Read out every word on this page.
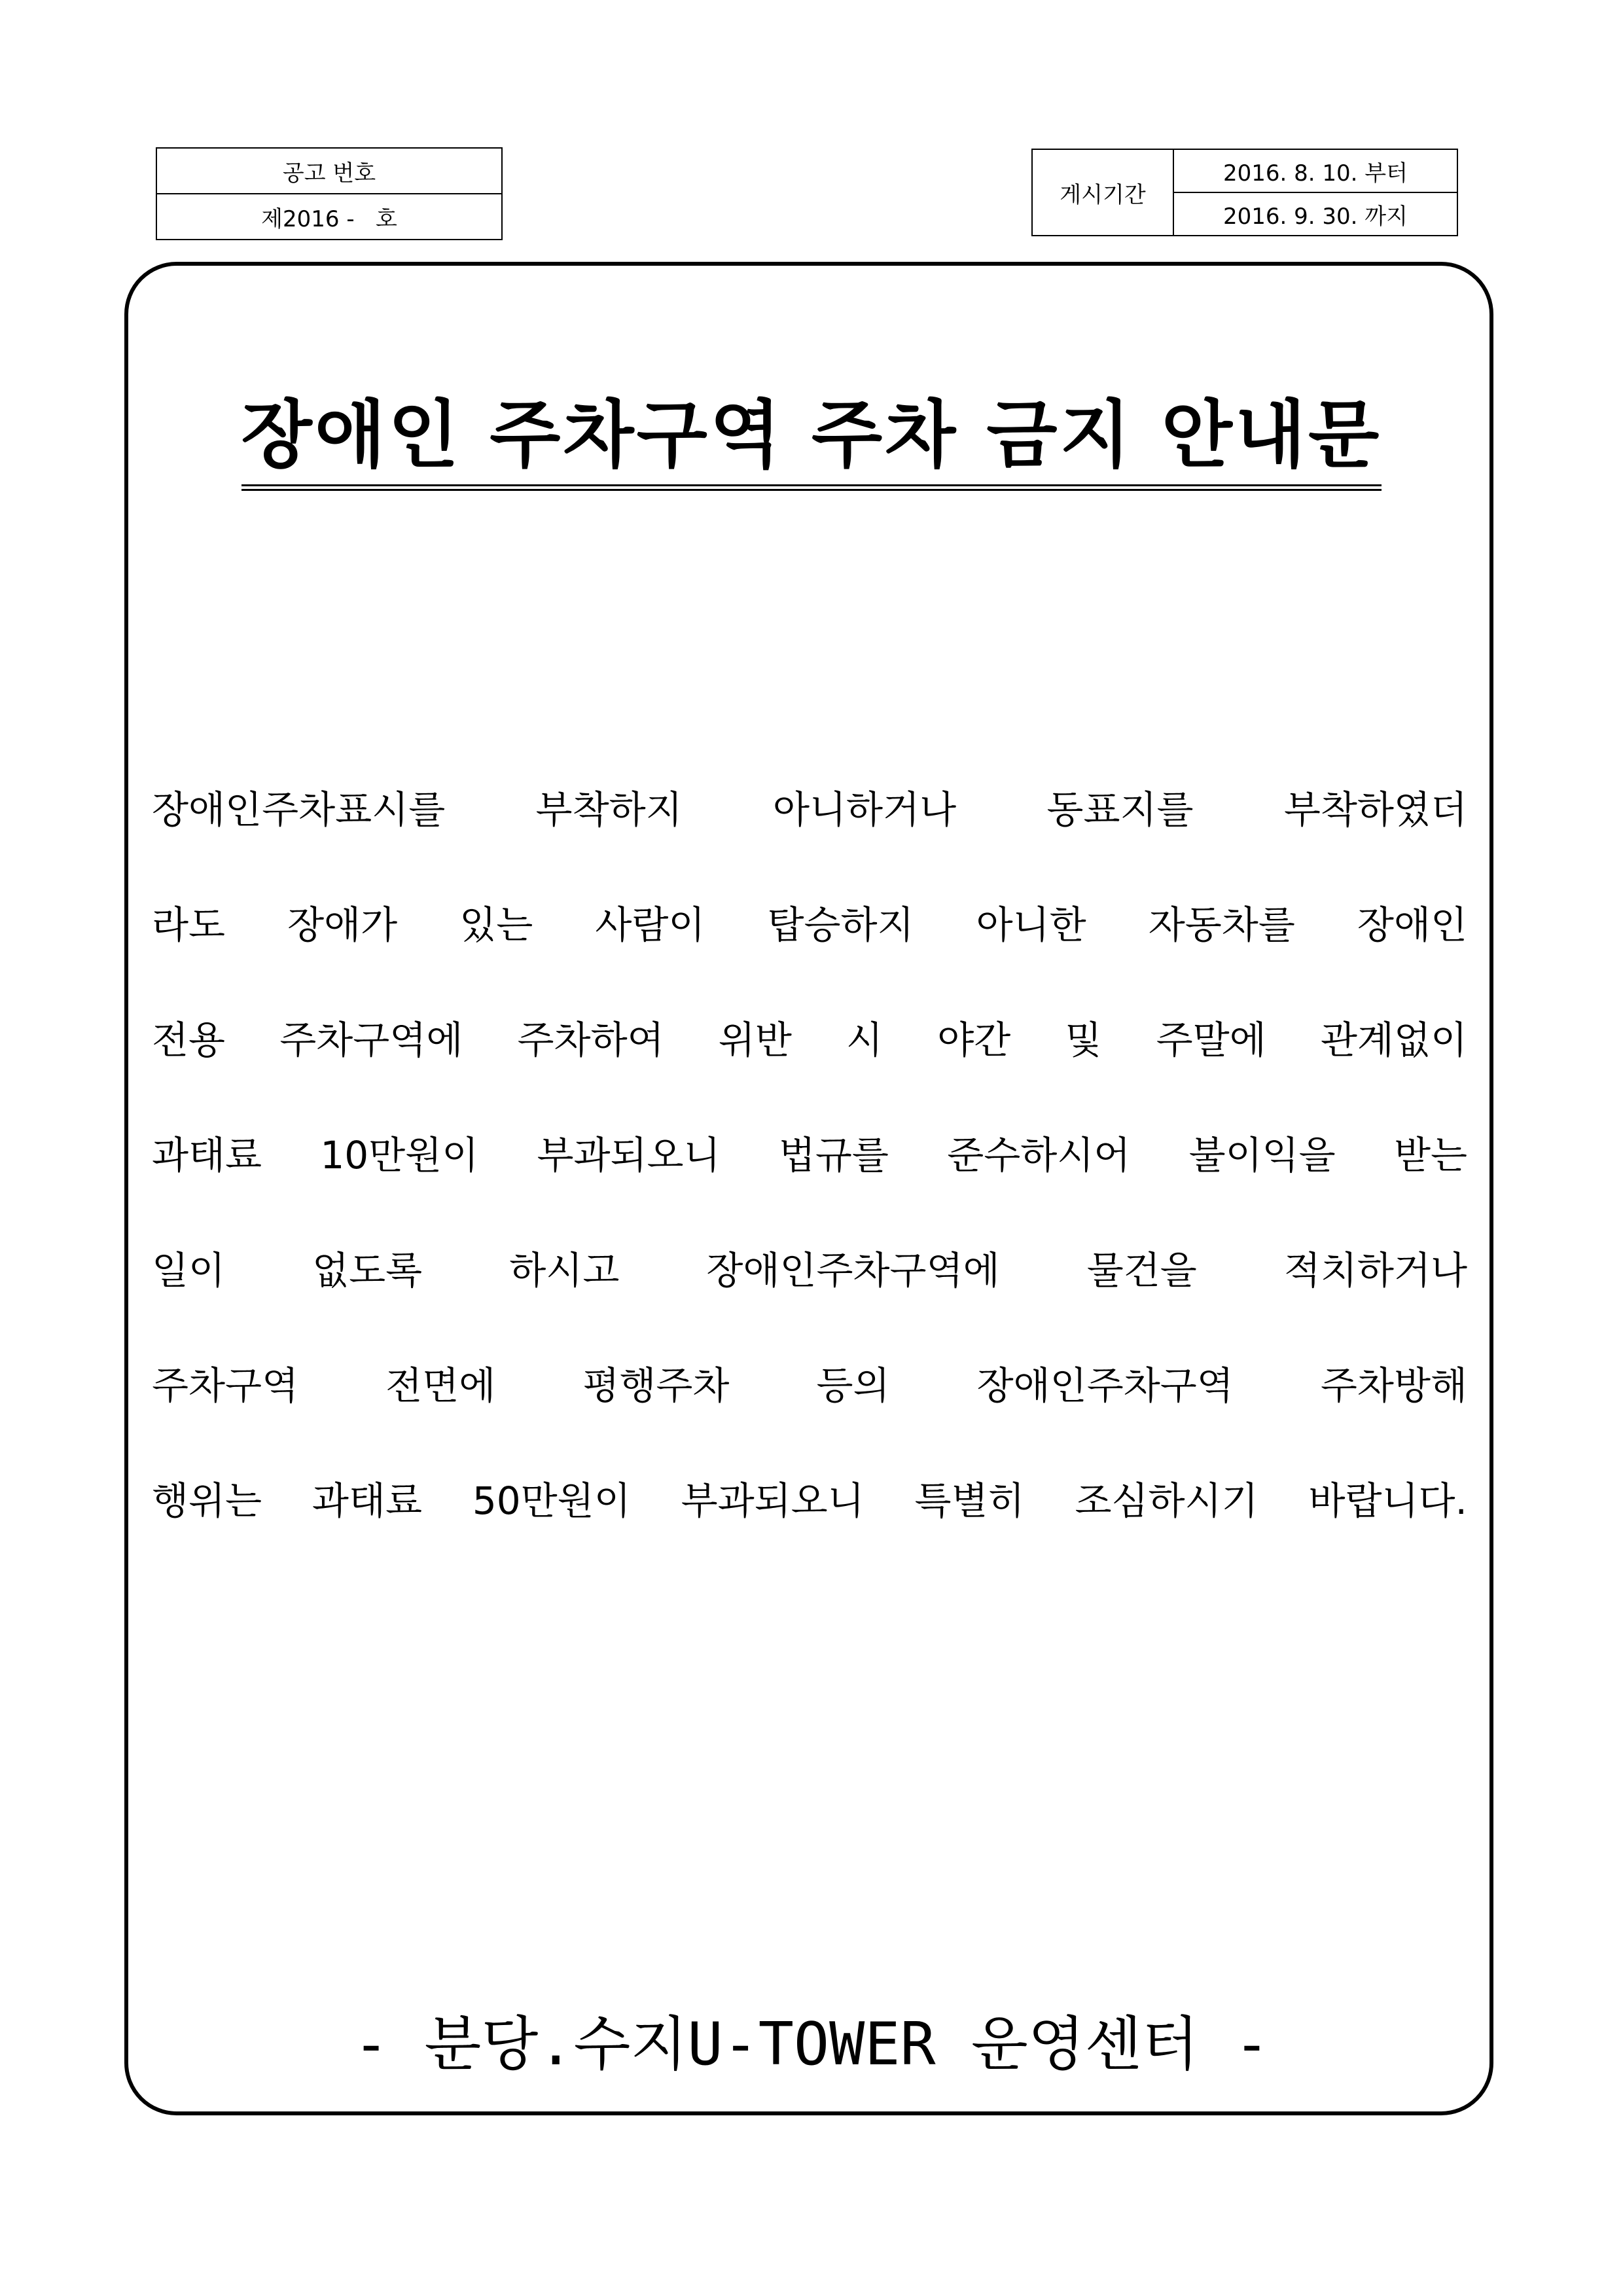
공고 번호
제2016 -   호
게시기간	2016. 8. 10. 부터
2016. 9. 30. 까지
장애인 주차구역 주차 금지 안내문
장애인주차표시를 부착하지 아니하거나 동표지를 부착하였더
라도 장애가 있는 사람이 탑승하지 아니한 자동차를 장애인
전용 주차구역에 주차하여 위반 시 야간 및 주말에 관계없이
과태료 10만원이 부과되오니 법규를 준수하시어 불이익을 받는
일이 없도록 하시고 장애인주차구역에 물건을 적치하거나
주차구역 전면에 평행주차 등의 장애인주차구역 주차방해
행위는 과태료 50만원이 부과되오니 특별히 조심하시기 바랍니다.
- 분당.수지U-TOWER 운영센터 -
